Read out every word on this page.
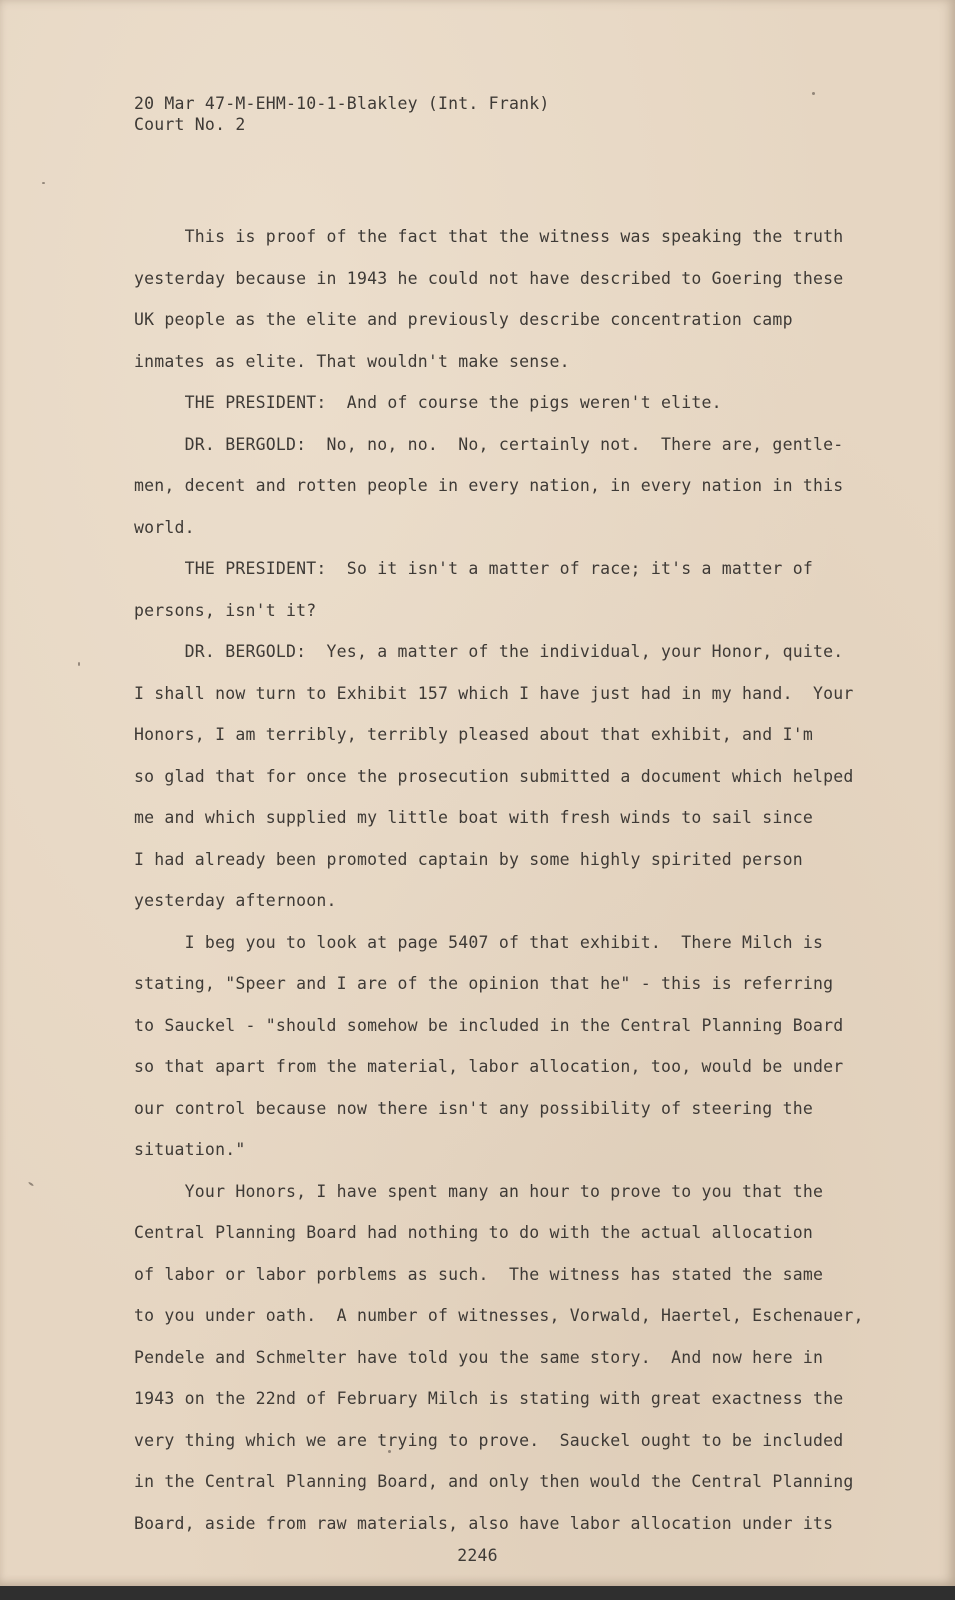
20 Mar 47-M-EHM-10-1-Blakley (Int. Frank)
Court No. 2
This is proof of the fact that the witness was speaking the truth
yesterday because in 1943 he could not have described to Goering these
UK people as the elite and previously describe concentration camp
inmates as elite. That wouldn't make sense.
THE PRESIDENT:  And of course the pigs weren't elite.
DR. BERGOLD:  No, no, no.  No, certainly not.  There are, gentle-
men, decent and rotten people in every nation, in every nation in this
world.
THE PRESIDENT:  So it isn't a matter of race; it's a matter of
persons, isn't it?
DR. BERGOLD:  Yes, a matter of the individual, your Honor, quite.
I shall now turn to Exhibit 157 which I have just had in my hand.  Your
Honors, I am terribly, terribly pleased about that exhibit, and I'm
so glad that for once the prosecution submitted a document which helped
me and which supplied my little boat with fresh winds to sail since
I had already been promoted captain by some highly spirited person
yesterday afternoon.
I beg you to look at page 5407 of that exhibit.  There Milch is
stating, "Speer and I are of the opinion that he" - this is referring
to Sauckel - "should somehow be included in the Central Planning Board
so that apart from the material, labor allocation, too, would be under
our control because now there isn't any possibility of steering the
situation."
Your Honors, I have spent many an hour to prove to you that the
Central Planning Board had nothing to do with the actual allocation
of labor or labor porblems as such.  The witness has stated the same
to you under oath.  A number of witnesses, Vorwald, Haertel, Eschenauer,
Pendele and Schmelter have told you the same story.  And now here in
1943 on the 22nd of February Milch is stating with great exactness the
very thing which we are trying to prove.  Sauckel ought to be included
in the Central Planning Board, and only then would the Central Planning
Board, aside from raw materials, also have labor allocation under its
2246
